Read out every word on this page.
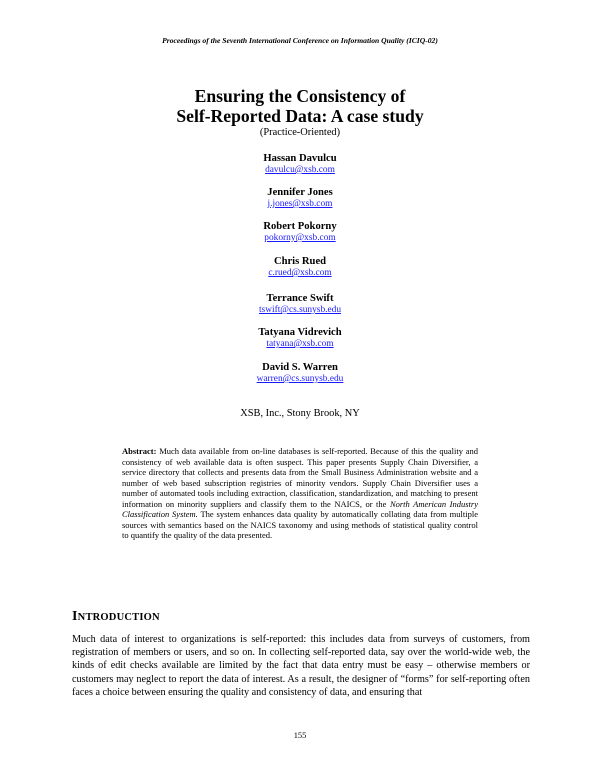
Proceedings of the Seventh International Conference on Information Quality (ICIQ-02)
Ensuring the Consistency of
Self-Reported Data: A case study
(Practice-Oriented)
Hassan Davulcu
davulcu@xsb.com
Jennifer Jones
j.jones@xsb.com
Robert Pokorny
pokorny@xsb.com
Chris Rued
c.rued@xsb.com
Terrance Swift
tswift@cs.sunysb.edu
Tatyana Vidrevich
tatyana@xsb.com
David S. Warren
warren@cs.sunysb.edu
XSB, Inc., Stony Brook, NY
Abstract: Much data available from on-line databases is self-reported. Because of this the quality and consistency of web available data is often suspect. This paper presents Supply Chain Diversifier, a service directory that collects and presents data from the Small Business Administration website and a number of web based subscription registries of minority vendors. Supply Chain Diversifier uses a number of automated tools including extraction, classification, standardization, and matching to present information on minority suppliers and classify them to the NAICS, or the North American Industry Classification System. The system enhances data quality by automatically collating data from multiple sources with semantics based on the NAICS taxonomy and using methods of statistical quality control to quantify the quality of the data presented.
INTRODUCTION
Much data of interest to organizations is self-reported: this includes data from surveys of customers, from registration of members or users, and so on. In collecting self-reported data, say over the world-wide web, the kinds of edit checks available are limited by the fact that data entry must be easy – otherwise members or customers may neglect to report the data of interest. As a result, the designer of “forms” for self-reporting often faces a choice between ensuring the quality and consistency of data, and ensuring that
155
